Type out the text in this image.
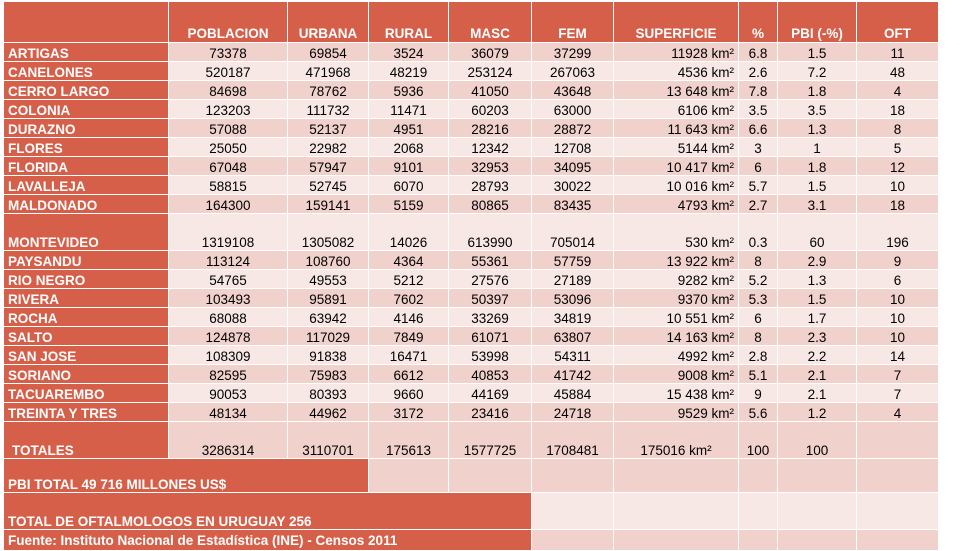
	POBLACION	URBANA	RURAL	MASC	FEM	SUPERFICIE	%	PBI (-%)	OFT
ARTIGAS	73378	69854	3524	36079	37299	11928 km²	6.8	1.5	11
CANELONES	520187	471968	48219	253124	267063	4536 km²	2.6	7.2	48
CERRO LARGO	84698	78762	5936	41050	43648	13 648 km²	7.8	1.8	4
COLONIA	123203	111732	11471	60203	63000	6106 km²	3.5	3.5	18
DURAZNO	57088	52137	4951	28216	28872	11 643 km²	6.6	1.3	8
FLORES	25050	22982	2068	12342	12708	5144 km²	3	1	5
FLORIDA	67048	57947	9101	32953	34095	10 417 km²	6	1.8	12
LAVALLEJA	58815	52745	6070	28793	30022	10 016 km²	5.7	1.5	10
MALDONADO	164300	159141	5159	80865	83435	4793 km²	2.7	3.1	18
MONTEVIDEO	1319108	1305082	14026	613990	705014	530 km²	0.3	60	196
PAYSANDU	113124	108760	4364	55361	57759	13 922 km²	8	2.9	9
RIO NEGRO	54765	49553	5212	27576	27189	9282 km²	5.2	1.3	6
RIVERA	103493	95891	7602	50397	53096	9370 km²	5.3	1.5	10
ROCHA	68088	63942	4146	33269	34819	10 551 km²	6	1.7	10
SALTO	124878	117029	7849	61071	63807	14 163 km²	8	2.3	10
SAN JOSE	108309	91838	16471	53998	54311	4992 km²	2.8	2.2	14
SORIANO	82595	75983	6612	40853	41742	9008 km²	5.1	2.1	7
TACUAREMBO	90053	80393	9660	44169	45884	15 438 km²	9	2.1	7
TREINTA Y TRES	48134	44962	3172	23416	24718	9529 km²	5.6	1.2	4
TOTALES	3286314	3110701	175613	1577725	1708481	175016 km²	100	100	
PBI TOTAL 49 716 MILLONES US$									
TOTAL DE OFTALMOLOGOS EN URUGUAY 256									
Fuente: Instituto Nacional de Estadística (INE) - Censos 2011									
